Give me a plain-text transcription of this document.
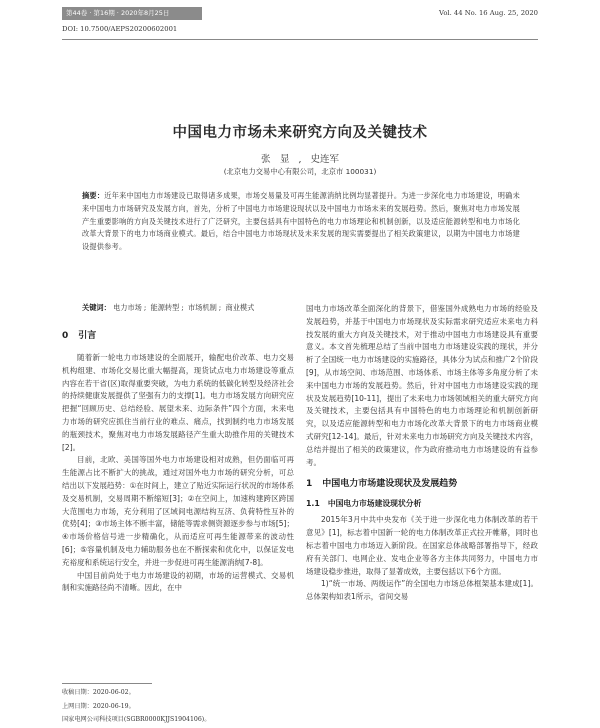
第44卷 · 第16期 · 2020年8月25日	Vol. 44 No. 16 Aug. 25, 2020
DOI: 10.7500/AEPS20200602001
中国电力市场未来研究方向及关键技术
张　显 , 史连军
(北京电力交易中心有限公司，北京市 100031)
摘要：近年来中国电力市场建设已取得诸多成果，市场交易量及可再生能源消纳比例均显著提升。为进一步深化电力市场建设，明确未来中国电力市场研究及发展方向，首先，分析了中国电力市场建设现状以及中国电力市场未来的发展趋势。然后，聚焦对电力市场发展产生重要影响的方向及关键技术进行了广泛研究，主要包括具有中国特色的电力市场理论和机制创新，以及适应能源转型和电力市场化改革大背景下的电力市场商业模式。最后，结合中国电力市场现状及未来发展的现实需要提出了相关政策建议，以期为中国电力市场建设提供参考。
关键词： 电力市场 ; 能源转型 ; 市场机制 ; 商业模式
0 引言

随着新一轮电力市场建设的全面展开，输配电价改革、电力交易机构组建、市场化交易比重大幅提高，现货试点电力市场建设等重点内容在若干省(区)取得重要突破，为电力系统的低碳化转型及经济社会的持续健康发展提供了坚强有力的支撑[1]。电力市场发展方向研究应把握“回顾历史、总结经验、展望未来、边际条件”四个方面，未来电力市场的研究应抓住当前行业的难点、痛点，找到制约电力市场发展的瓶颈技术，聚焦对电力市场发展路径产生重大助推作用的关键技术[2]。

目前，北欧、美国等国外电力市场建设相对成熟，但仍面临可再生能源占比不断扩大的挑战，通过对国外电力市场的研究分析，可总结出以下发展趋势：①在时间上，建立了贴近实际运行状况的市场体系及交易机制，交易周期不断缩短[3]；②在空间上，加速构建跨区跨国大范围电力市场，充分利用了区域间电源结构互济、负荷特性互补的优势[4]；③市场主体不断丰富，储能等需求侧资源逐步参与市场[5]；④市场价格信号进一步精确化，从而适应可再生能源带来的波动性[6]；⑤容量机制及电力辅助服务也在不断探索和优化中，以保证发电充裕度和系统运行安全，并进一步促进可再生能源消纳[7-8]。

中国目前尚处于电力市场建设的初期，市场的运营模式、交易机制和实施路径尚不清晰。因此，在中

国电力市场改革全面深化的背景下，借鉴国外成熟电力市场的经验及发展趋势，并基于中国电力市场现状及实际需求研究适应未来电力科技发展的重大方向及关键技术，对于推动中国电力市场建设具有重要意义。本文首先梳理总结了当前中国电力市场建设实践的现状，并分析了全国统一电力市场建设的实施路径，具体分为试点和推广2个阶段[9]，从市场空间、市场范围、市场体系、市场主体等多角度分析了未来中国电力市场的发展趋势。然后，针对中国电力市场建设实践的现状及发展趋势[10-11]，提出了未来电力市场领域相关的重大研究方向及关键技术，主要包括具有中国特色的电力市场理论和机制创新研究，以及适应能源转型和电力市场化改革大背景下的电力市场商业模式研究[12-14]。最后，针对未来电力市场研究方向及关键技术内容，总结并提出了相关的政策建议，作为政府推动电力市场建设的有益参考。

1 中国电力市场建设现状及发展趋势
1.1 中国电力市场建设现状分析

2015年3月中共中央发布《关于进一步深化电力体制改革的若干意见》[1]，标志着中国新一轮的电力体制改革正式拉开帷幕，同时也标志着中国电力市场迈入新阶段。在国家总体战略部署指导下，经政府有关部门、电网企业、发电企业等各方主体共同努力，中国电力市场建设稳步推进，取得了显著成效，主要包括以下6个方面。

1)“统一市场、两级运作”的全国电力市场总体框架基本建成[1]。总体架构如表1所示，省间交易

收稿日期：2020-06-02。
上网日期：2020-06-19。
国家电网公司科技项目(SGBR0000KJJS1904106)。
